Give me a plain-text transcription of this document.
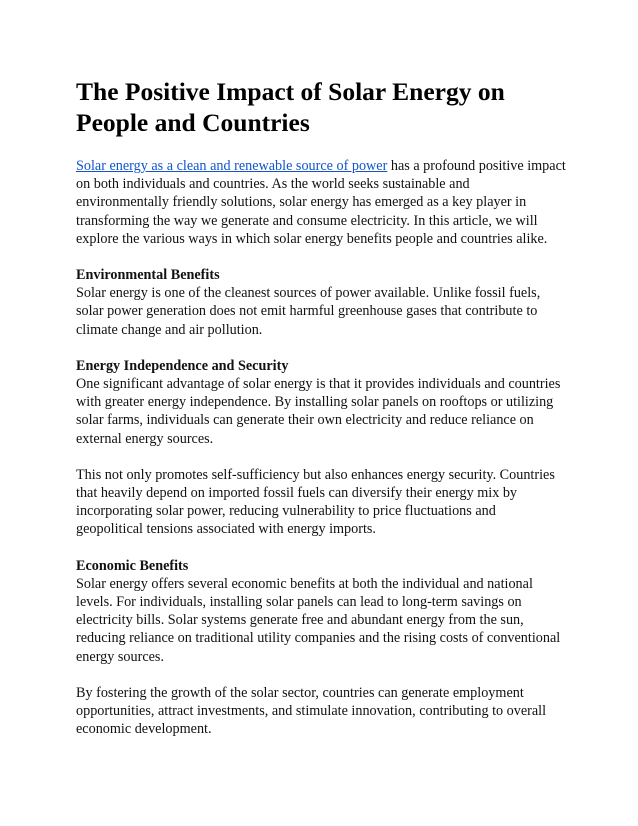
The Positive Impact of Solar Energy on People and Countries

Solar energy as a clean and renewable source of power has a profound positive impact on both individuals and countries. As the world seeks sustainable and environmentally friendly solutions, solar energy has emerged as a key player in transforming the way we generate and consume electricity. In this article, we will explore the various ways in which solar energy benefits people and countries alike.

Environmental Benefits

Solar energy is one of the cleanest sources of power available. Unlike fossil fuels, solar power generation does not emit harmful greenhouse gases that contribute to climate change and air pollution.

Energy Independence and Security

One significant advantage of solar energy is that it provides individuals and countries with greater energy independence. By installing solar panels on rooftops or utilizing solar farms, individuals can generate their own electricity and reduce reliance on external energy sources.

This not only promotes self-sufficiency but also enhances energy security. Countries that heavily depend on imported fossil fuels can diversify their energy mix by incorporating solar power, reducing vulnerability to price fluctuations and geopolitical tensions associated with energy imports.

Economic Benefits

Solar energy offers several economic benefits at both the individual and national levels. For individuals, installing solar panels can lead to long-term savings on electricity bills. Solar systems generate free and abundant energy from the sun, reducing reliance on traditional utility companies and the rising costs of conventional energy sources.

By fostering the growth of the solar sector, countries can generate employment opportunities, attract investments, and stimulate innovation, contributing to overall economic development.
